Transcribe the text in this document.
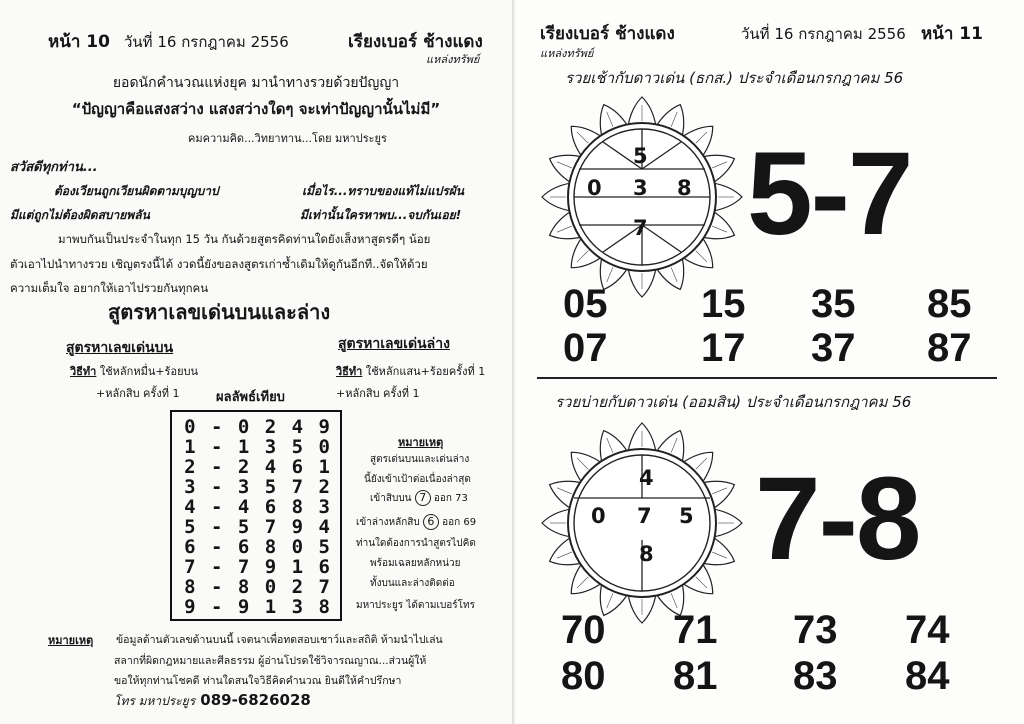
หน้า 10 วันที่ 16 กรกฎาคม 2556	เรียงเบอร์ ช้างแดง
แหล่งทรัพย์
ยอดนักคำนวณแห่งยุค มานำทางรวยด้วยปัญญา
“ปัญญาคือแสงสว่าง แสงสว่างใดๆ จะเท่าปัญญานั้นไม่มี”
คมความคิด...วิทยาทาน...โดย มหาประยูร
สวัสดีทุกท่าน...
ต้องเวียนถูกเวียนผิดตามบุญบาป	เมื่อไร...ทราบของแท้ไม่แปรผัน
มีแต่ถูกไม่ต้องผิดสบายพลัน	มีเท่านั้นใครหาพบ...จบกันเอย!
มาพบกันเป็นประจำในทุก 15 วัน กันด้วยสูตรคิดท่านใดยังเส็งหาสูตรดีๆ น้อย
ตัวเอาไปนำทางรวย เชิญตรงนี้ได้ งวดนี้ยังขอลงสูตรเก่าซ้ำเดิมให้ดูกันอีกที..จัดให้ด้วย
ความเต็มใจ อยากให้เอาไปรวยกันทุกคน
สูตรหาเลขเด่นบนและล่าง
สูตรหาเลขเด่นบน
วิธีทำ ใช้หลักหมื่น+ร้อยบน
+หลักสิบ ครั้งที่ 1
สูตรหาเลขเด่นล่าง
วิธีทำ ใช้หลักแสน+ร้อยครั้งที่ 1
+หลักสิบ ครั้งที่ 1
ผลลัพธ์เทียบ
0 - 0 2 4 9
1 - 1 3 5 0
2 - 2 4 6 1
3 - 3 5 7 2
4 - 4 6 8 3
5 - 5 7 9 4
6 - 6 8 0 5
7 - 7 9 1 6
8 - 8 0 2 7
9 - 9 1 3 8
หมายเหตุ
สูตรเด่นบนและเด่นล่าง
นี้ยังเข้าเป้าต่อเนื่องล่าสุด
เข้าสิบบน 7 ออก 73
เข้าล่างหลักสิบ 6 ออก 69
ท่านใดต้องการนำสูตรไปคิด
พร้อมเฉลยหลักหน่วย
ทั้งบนและล่างติดต่อ
มหาประยูร ได้ตามเบอร์โทร
หมายเหตุ ข้อมูลด้านตัวเลขด้านบนนี้ เจตนาเพื่อทดสอบเชาว์และสถิติ ห้ามนำไปเล่น
สลากที่ผิดกฎหมายและศีลธรรม ผู้อ่านโปรดใช้วิจารณญาณ...ส่วนผู้ให้
ขอให้ทุกท่านโชคดี ท่านใดสนใจวิธีคิดคำนวณ ยินดีให้คำปรึกษา
โทร มหาประยูร 089-6826028
เรียงเบอร์ ช้างแดง
แหล่งทรัพย์
วันที่ 16 กรกฎาคม 2556 หน้า 11
รวยเช้ากับดาวเด่น (ธกส.) ประจำเดือนกรกฎาคม 56
5
0 3 8
7 5-7
05 15 35 85
07 17 37 87
รวยบ่ายกับดาวเด่น (ออมสิน) ประจำเดือนกรกฎาคม 56
4
0 7 5
8 7-8
70 71 73 74
80 81 83 84
